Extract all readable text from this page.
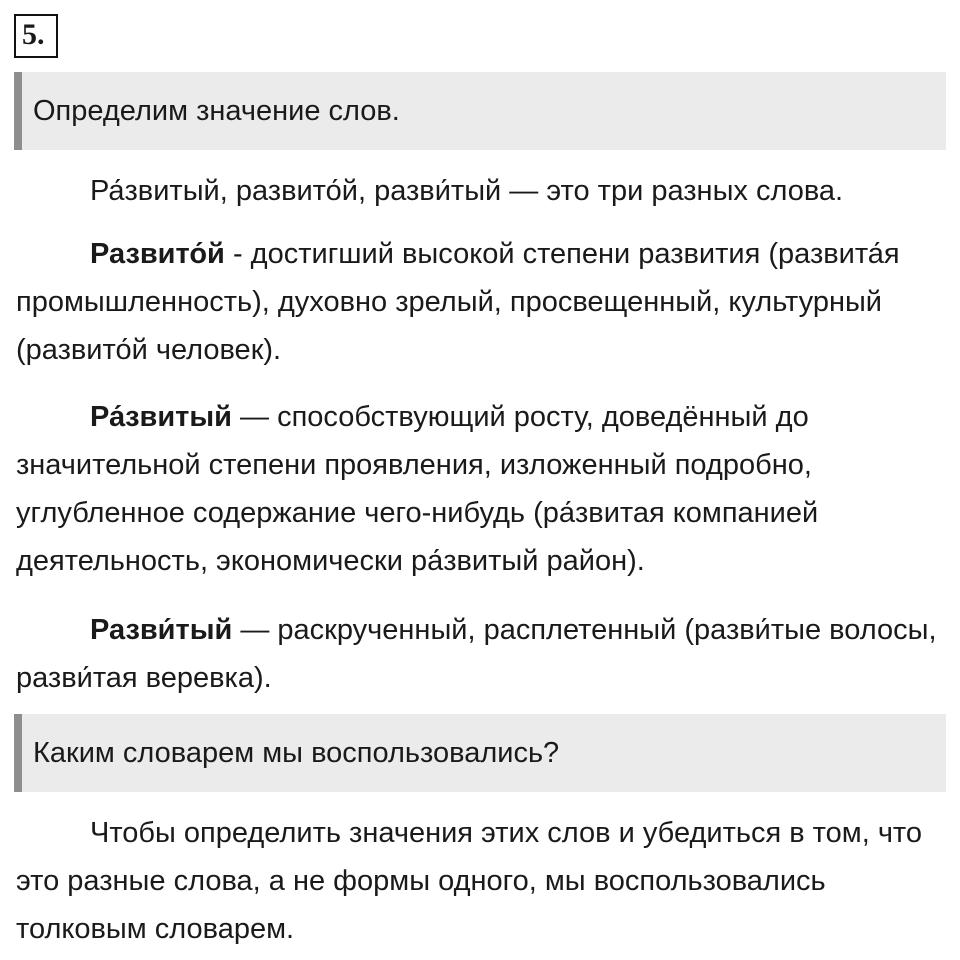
5.
Определим значение слов.

Ра́звитый, развито́й, разви́тый — это три разных слова.

Развито́й - достигший высокой степени развития (развита́я промышленность), духовно зрелый, просвещенный, культурный (развито́й человек).

Ра́звитый — способствующий росту, доведённый до значительной степени проявления, изложенный подробно, углубленное содержание чего-нибудь (ра́звитая компанией деятельность, экономически ра́звитый район).

Разви́тый — раскрученный, расплетенный (разви́тые волосы, разви́тая веревка).

Каким словарем мы воспользовались?

Чтобы определить значения этих слов и убедиться в том, что это разные слова, а не формы одного, мы воспользовались толковым словарем.
